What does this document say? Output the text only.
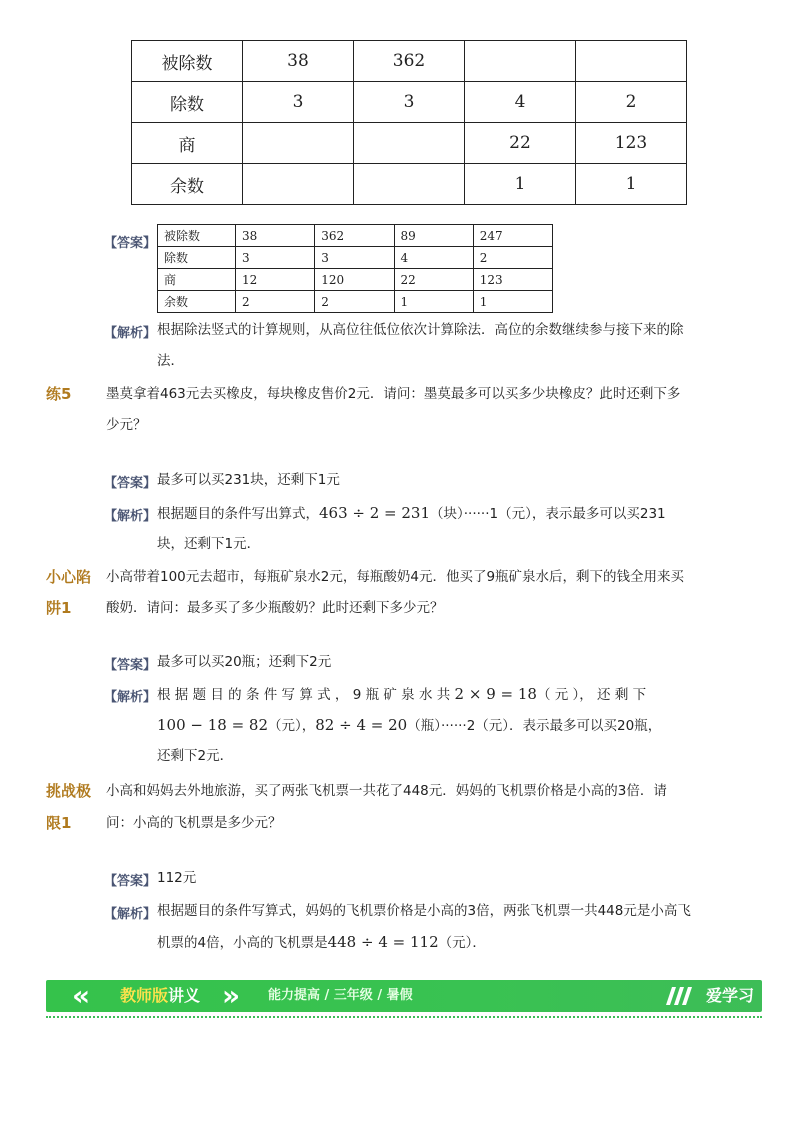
被除数	38	362		
除数	3	3	4	2
商			22	123
余数			1	1
【答案】 被除数	38	362	89	247
除数	3	3	4	2
商	12	120	22	123
余数	2	2	1	1
【解析】 根据除法竖式的计算规则，从高位往低位依次计算除法．高位的余数继续参与接下来的除
法．
练5	墨莫拿着463元去买橡皮，每块橡皮售价2元．请问：墨莫最多可以买多少块橡皮？此时还剩下多
少元？
【答案】 最多可以买231块，还剩下1元
【解析】 根据题目的条件写出算式，463 ÷ 2 = 231（块）······1（元），表示最多可以买231
块，还剩下1元．
小心陷
阱1
小高带着100元去超市，每瓶矿泉水2元，每瓶酸奶4元．他买了9瓶矿泉水后，剩下的钱全用来买
酸奶．请问：最多买了多少瓶酸奶？此时还剩下多少元？
【答案】 最多可以买20瓶；还剩下2元
【解析】 根 据 题 目 的 条 件 写 算 式 ， 9 瓶 矿 泉 水 共 2 × 9 = 18（ 元 ）， 还 剩 下
100 − 18 = 82（元），82 ÷ 4 = 20（瓶）······2（元）．表示最多可以买20瓶，
还剩下2元．
挑战极
限1
小高和妈妈去外地旅游，买了两张飞机票一共花了448元．妈妈的飞机票价格是小高的3倍．请
问：小高的飞机票是多少元？
【答案】 112元
【解析】 根据题目的条件写算式，妈妈的飞机票价格是小高的3倍，两张飞机票一共448元是小高飞
机票的4倍，小高的飞机票是448 ÷ 4 = 112（元）．
« 教师版讲义 » 能力提高 / 三年级 / 暑假	爱学习
